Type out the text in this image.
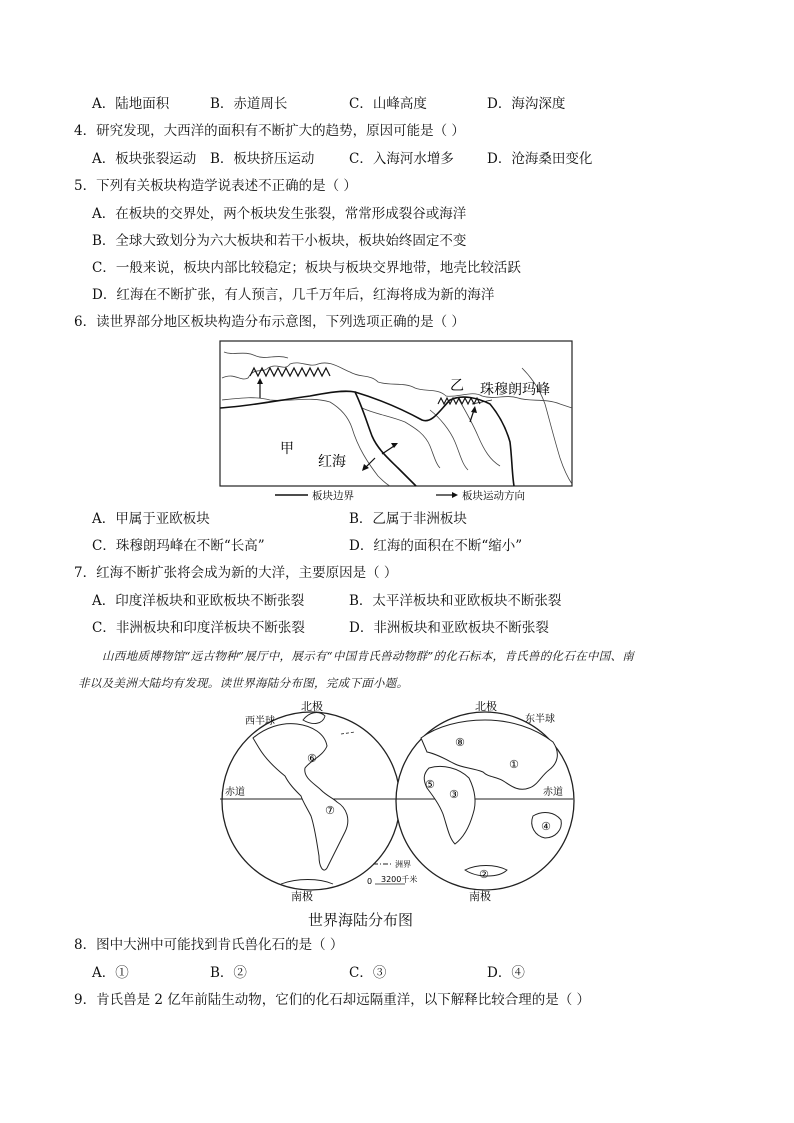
A．陆地面积	B．赤道周长	C．山峰高度	D．海沟深度
4．研究发现，大西洋的面积有不断扩大的趋势，原因可能是（ ）
A．板块张裂运动 B．板块挤压运动	C．入海河水增多 D．沧海桑田变化
5．下列有关板块构造学说表述不正确的是（ ）
A．在板块的交界处，两个板块发生张裂，常常形成裂谷或海洋
B．全球大致划分为六大板块和若干小板块，板块始终固定不变
C．一般来说，板块内部比较稳定；板块与板块交界地带，地壳比较活跃
D．红海在不断扩张，有人预言，几千万年后，红海将成为新的海洋
6．读世界部分地区板块构造分布示意图，下列选项正确的是（ ）
甲
乙 珠穆朗玛峰
红海
板块边界	板块运动方向
A．甲属于亚欧板块	B．乙属于非洲板块
C．珠穆朗玛峰在不断“长高”	D．红海的面积在不断“缩小”
7．红海不断扩张将会成为新的大洋，主要原因是（ ）
A．印度洋板块和亚欧板块不断张裂	B．太平洋板块和亚欧板块不断张裂
C．非洲板块和印度洋板块不断张裂	D．非洲板块和亚欧板块不断张裂
山西地质博物馆“远古物种”展厅中，展示有“中国肯氏兽动物群”的化石标本，肯氏兽的化石在中国、南
非以及美洲大陆均有发现。读世界海陆分布图，完成下面小题。
⑥
⑦
⑧
①
⑤
③
④
②
西半球
北极	北极
东半球
赤道	赤道
南极	南极
洲界
0 3200千米
世界海陆分布图
8．图中大洲中可能找到肯氏兽化石的是（ ）
A．①	B．②	C．③	D．④
9．肯氏兽是 2 亿年前陆生动物，它们的化石却远隔重洋，以下解释比较合理的是（ ）
